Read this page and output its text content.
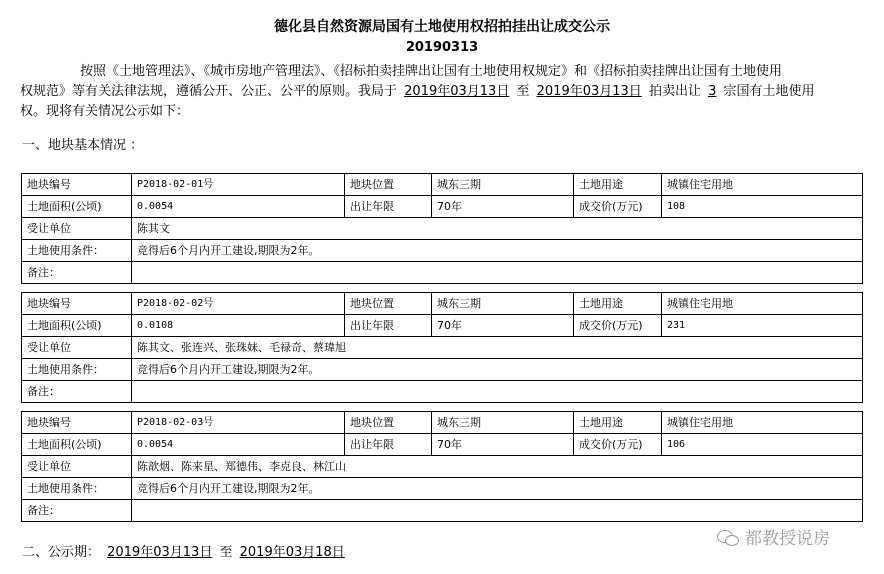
德化县自然资源局国有土地使用权招拍挂出让成交公示
20190313
按照《土地管理法》、《城市房地产管理法》、《招标拍卖挂牌出让国有土地使用权规定》和《招标拍卖挂牌出让国有土地使用
权规范》等有关法律法规，遵循公开、公正、公平的原则。我局于 2019年03月13日 至 2019年03月13日 拍卖出让 3 宗国有土地使用
权。现将有关情况公示如下：
一、地块基本情况 ：
地块编号	P2018-02-01号	地块位置	城东三期	土地用途	城镇住宅用地
土地面积(公顷)	0.0054	出让年限	70年	成交价(万元)	108
受让单位	陈其文				
土地使用条件：	竞得后6个月内开工建设,期限为2年。				
备注：					
地块编号	P2018-02-02号	地块位置	城东三期	土地用途	城镇住宅用地
土地面积(公顷)	0.0108	出让年限	70年	成交价(万元)	231
受让单位	陈其文、张连兴、张珠妹、毛禄奇、蔡瑋旭				
土地使用条件：	竞得后6个月内开工建设,期限为2年。				
备注：					
地块编号	P2018-02-03号	地块位置	城东三期	土地用途	城镇住宅用地
土地面积(公顷)	0.0054	出让年限	70年	成交价(万元)	106
受让单位	陈歆烟、陈来星、郑德伟、李克良、林江山				
土地使用条件：	竞得后6个月内开工建设,期限为2年。				
备注：					
都教授说房
二、公示期： 2019年03月13日 至 2019年03月18日
